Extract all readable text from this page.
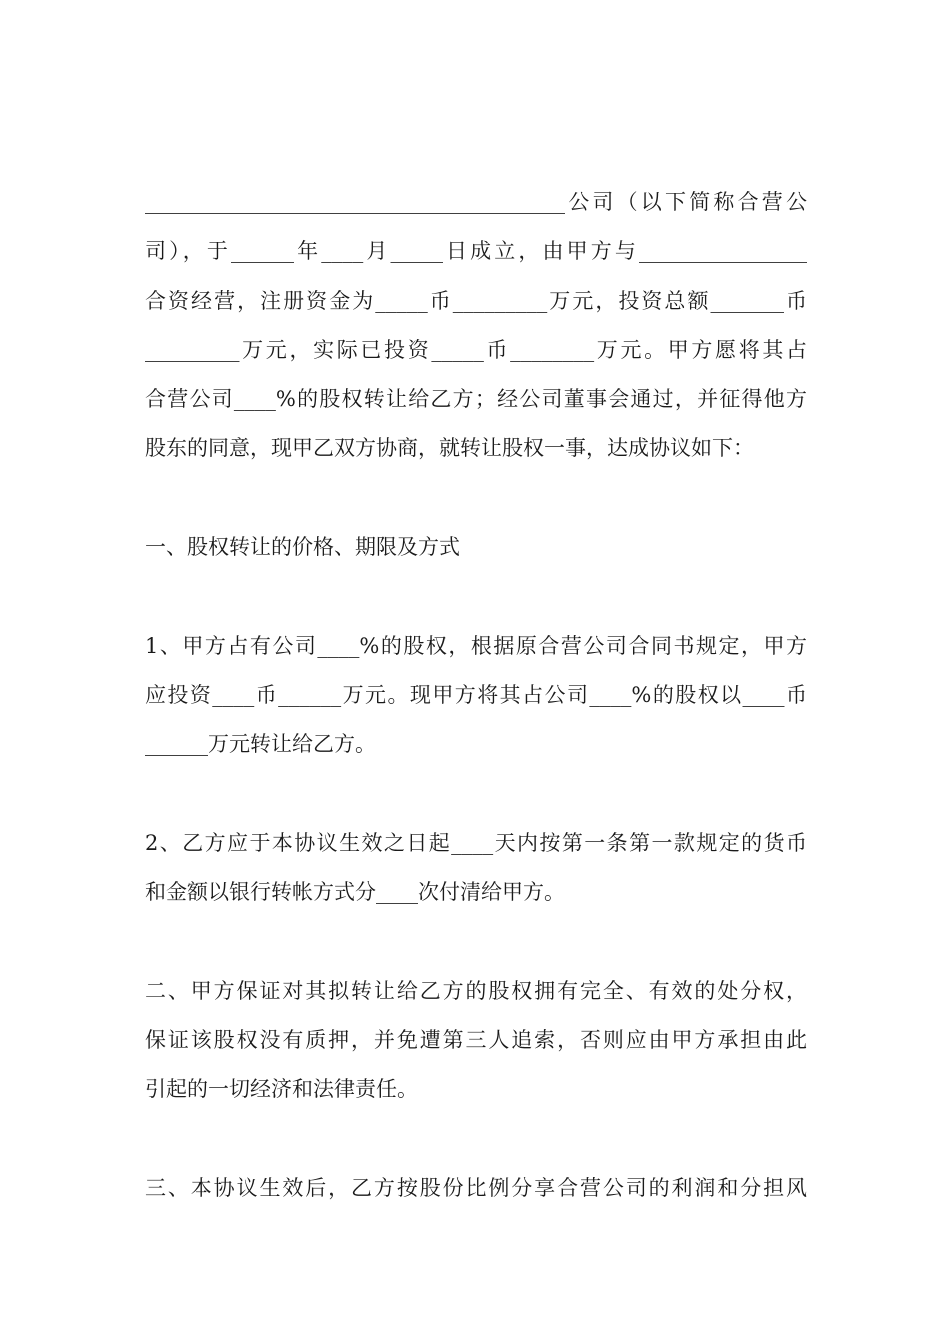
________________________________________公司（以下简称合营公
司），于______年____月_____日成立，由甲方与________________
合资经营，注册资金为_____币_________万元，投资总额_______币
_________万元，实际已投资_____币________万元。甲方愿将其占
合营公司____%的股权转让给乙方；经公司董事会通过，并征得他方
股东的同意，现甲乙双方协商，就转让股权一事，达成协议如下：
一、股权转让的价格、期限及方式
1、甲方占有公司____%的股权，根据原合营公司合同书规定，甲方
应投资____币______万元。现甲方将其占公司____%的股权以____币
______万元转让给乙方。
2、乙方应于本协议生效之日起____天内按第一条第一款规定的货币
和金额以银行转帐方式分____次付清给甲方。
二、甲方保证对其拟转让给乙方的股权拥有完全、有效的处分权，
保证该股权没有质押，并免遭第三人追索，否则应由甲方承担由此
引起的一切经济和法律责任。
三、本协议生效后，乙方按股份比例分享合营公司的利润和分担风
